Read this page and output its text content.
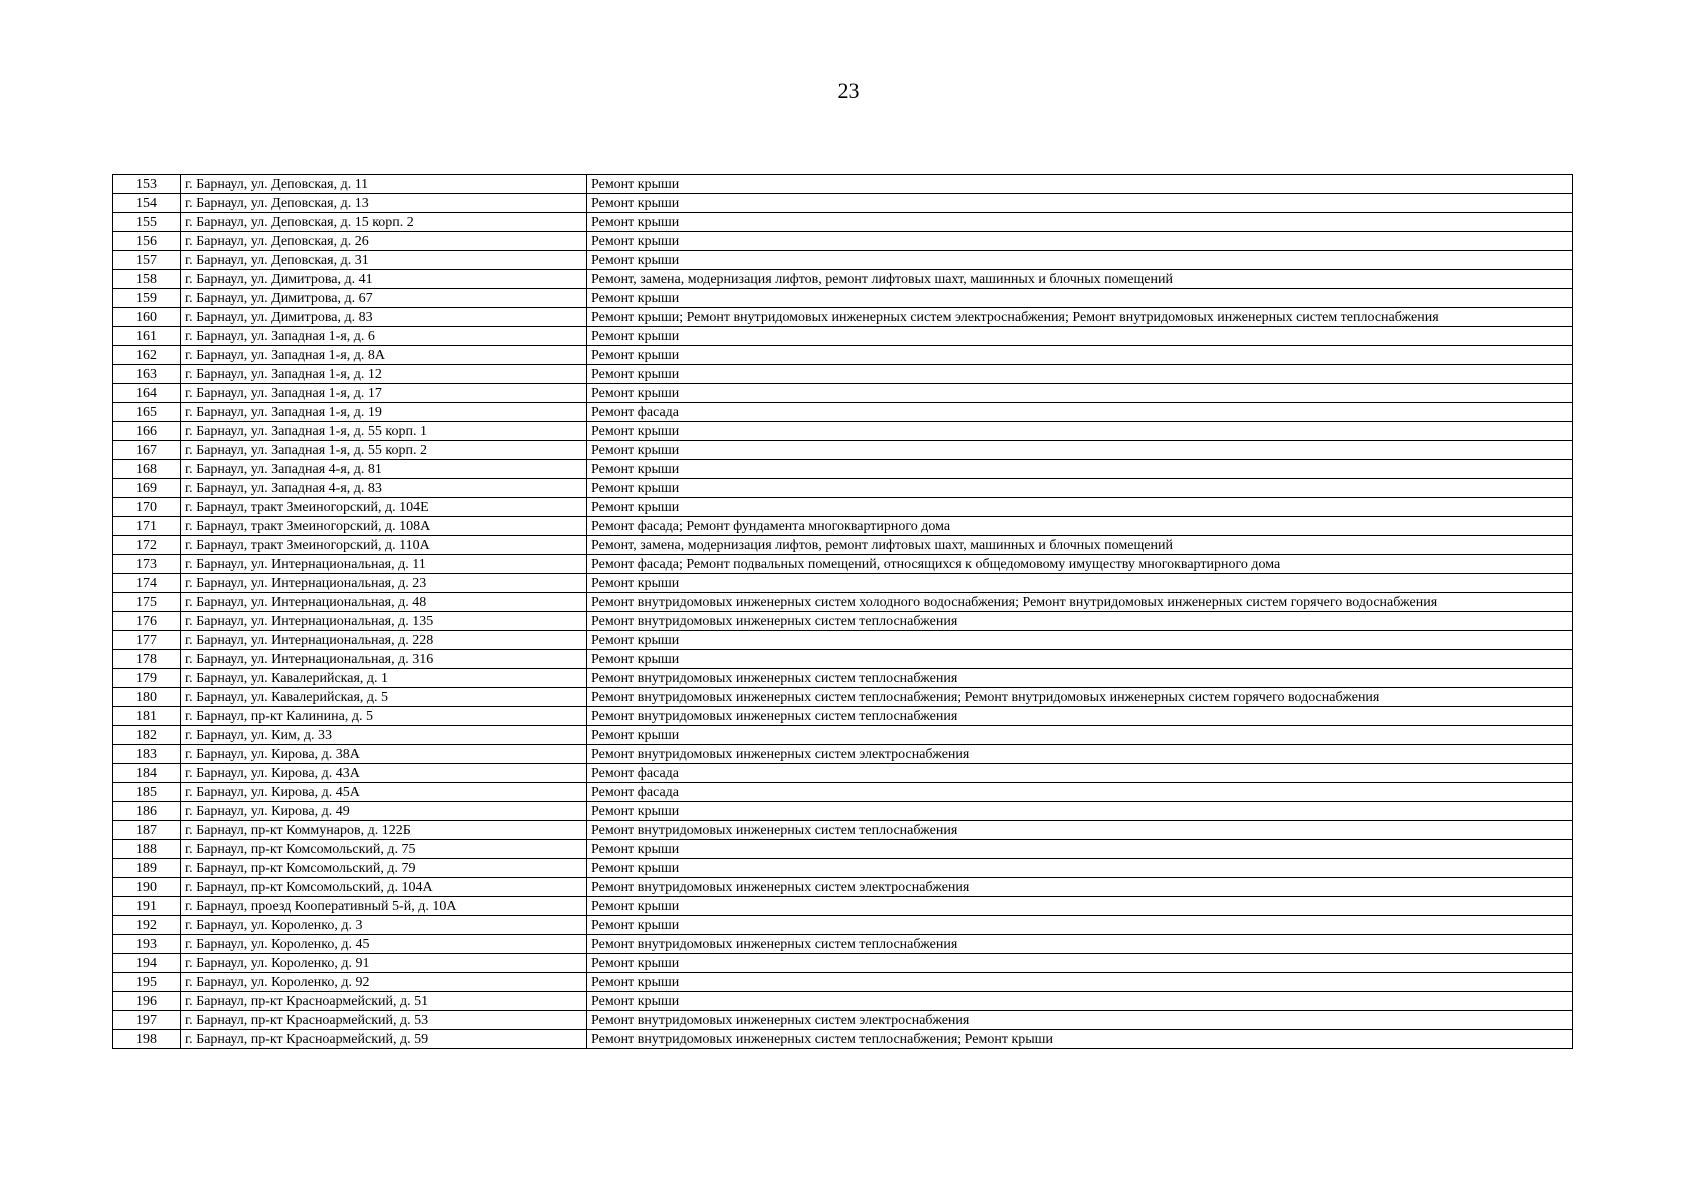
23
153	г. Барнаул, ул. Деповская, д. 11	Ремонт крыши
154	г. Барнаул, ул. Деповская, д. 13	Ремонт крыши
155	г. Барнаул, ул. Деповская, д. 15 корп. 2	Ремонт крыши
156	г. Барнаул, ул. Деповская, д. 26	Ремонт крыши
157	г. Барнаул, ул. Деповская, д. 31	Ремонт крыши
158	г. Барнаул, ул. Димитрова, д. 41	Ремонт, замена, модернизация лифтов, ремонт лифтовых шахт, машинных и блочных помещений
159	г. Барнаул, ул. Димитрова, д. 67	Ремонт крыши
160	г. Барнаул, ул. Димитрова, д. 83	Ремонт крыши; Ремонт внутридомовых инженерных систем электроснабжения; Ремонт внутридомовых инженерных систем теплоснабжения
161	г. Барнаул, ул. Западная 1-я, д. 6	Ремонт крыши
162	г. Барнаул, ул. Западная 1-я, д. 8А	Ремонт крыши
163	г. Барнаул, ул. Западная 1-я, д. 12	Ремонт крыши
164	г. Барнаул, ул. Западная 1-я, д. 17	Ремонт крыши
165	г. Барнаул, ул. Западная 1-я, д. 19	Ремонт фасада
166	г. Барнаул, ул. Западная 1-я, д. 55 корп. 1	Ремонт крыши
167	г. Барнаул, ул. Западная 1-я, д. 55 корп. 2	Ремонт крыши
168	г. Барнаул, ул. Западная 4-я, д. 81	Ремонт крыши
169	г. Барнаул, ул. Западная 4-я, д. 83	Ремонт крыши
170	г. Барнаул, тракт Змеиногорский, д. 104Е	Ремонт крыши
171	г. Барнаул, тракт Змеиногорский, д. 108А	Ремонт фасада; Ремонт фундамента многоквартирного дома
172	г. Барнаул, тракт Змеиногорский, д. 110А	Ремонт, замена, модернизация лифтов, ремонт лифтовых шахт, машинных и блочных помещений
173	г. Барнаул, ул. Интернациональная, д. 11	Ремонт фасада; Ремонт подвальных помещений, относящихся к общедомовому имуществу многоквартирного дома
174	г. Барнаул, ул. Интернациональная, д. 23	Ремонт крыши
175	г. Барнаул, ул. Интернациональная, д. 48	Ремонт внутридомовых инженерных систем холодного водоснабжения; Ремонт внутридомовых инженерных систем горячего водоснабжения
176	г. Барнаул, ул. Интернациональная, д. 135	Ремонт внутридомовых инженерных систем теплоснабжения
177	г. Барнаул, ул. Интернациональная, д. 228	Ремонт крыши
178	г. Барнаул, ул. Интернациональная, д. 316	Ремонт крыши
179	г. Барнаул, ул. Кавалерийская, д. 1	Ремонт внутридомовых инженерных систем теплоснабжения
180	г. Барнаул, ул. Кавалерийская, д. 5	Ремонт внутридомовых инженерных систем теплоснабжения; Ремонт внутридомовых инженерных систем горячего водоснабжения
181	г. Барнаул, пр-кт Калинина, д. 5	Ремонт внутридомовых инженерных систем теплоснабжения
182	г. Барнаул, ул. Ким, д. 33	Ремонт крыши
183	г. Барнаул, ул. Кирова, д. 38А	Ремонт внутридомовых инженерных систем электроснабжения
184	г. Барнаул, ул. Кирова, д. 43А	Ремонт фасада
185	г. Барнаул, ул. Кирова, д. 45А	Ремонт фасада
186	г. Барнаул, ул. Кирова, д. 49	Ремонт крыши
187	г. Барнаул, пр-кт Коммунаров, д. 122Б	Ремонт внутридомовых инженерных систем теплоснабжения
188	г. Барнаул, пр-кт Комсомольский, д. 75	Ремонт крыши
189	г. Барнаул, пр-кт Комсомольский, д. 79	Ремонт крыши
190	г. Барнаул, пр-кт Комсомольский, д. 104А	Ремонт внутридомовых инженерных систем электроснабжения
191	г. Барнаул, проезд Кооперативный 5-й, д. 10А	Ремонт крыши
192	г. Барнаул, ул. Короленко, д. 3	Ремонт крыши
193	г. Барнаул, ул. Короленко, д. 45	Ремонт внутридомовых инженерных систем теплоснабжения
194	г. Барнаул, ул. Короленко, д. 91	Ремонт крыши
195	г. Барнаул, ул. Короленко, д. 92	Ремонт крыши
196	г. Барнаул, пр-кт Красноармейский, д. 51	Ремонт крыши
197	г. Барнаул, пр-кт Красноармейский, д. 53	Ремонт внутридомовых инженерных систем электроснабжения
198	г. Барнаул, пр-кт Красноармейский, д. 59	Ремонт внутридомовых инженерных систем теплоснабжения; Ремонт крыши
